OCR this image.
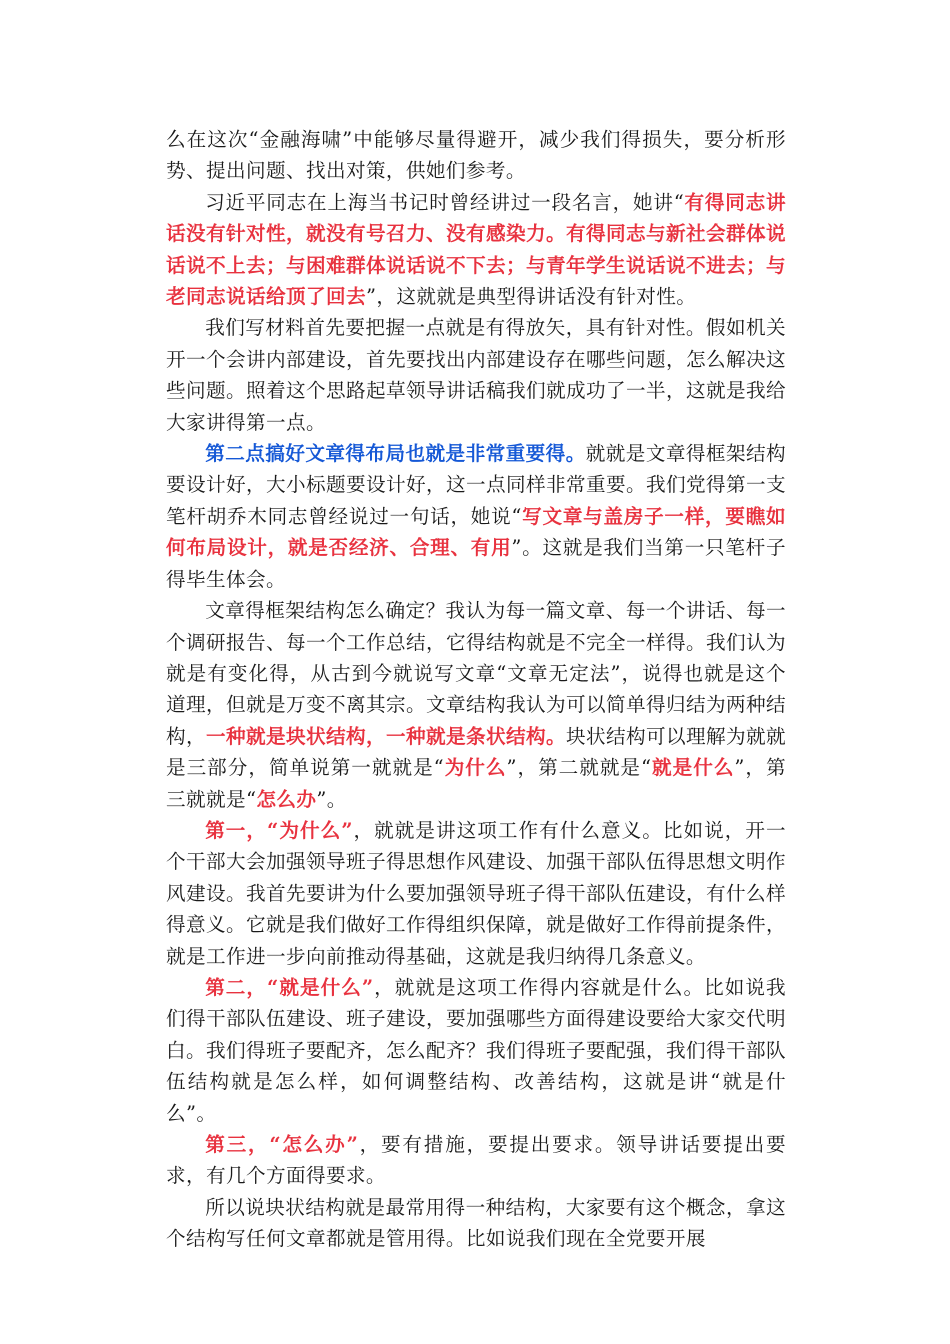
么在这次“金融海啸”中能够尽量得避开，减少我们得损失，要分析形势、提出问题、找出对策，供她们参考。

习近平同志在上海当书记时曾经讲过一段名言，她讲“有得同志讲话没有针对性，就没有号召力、没有感染力。有得同志与新社会群体说话说不上去；与困难群体说话说不下去；与青年学生说话说不进去；与老同志说话给顶了回去”，这就就是典型得讲话没有针对性。

我们写材料首先要把握一点就是有得放矢，具有针对性。假如机关开一个会讲内部建设，首先要找出内部建设存在哪些问题，怎么解决这些问题。照着这个思路起草领导讲话稿我们就成功了一半，这就是我给大家讲得第一点。

第二点搞好文章得布局也就是非常重要得。就就是文章得框架结构要设计好，大小标题要设计好，这一点同样非常重要。我们党得第一支笔杆胡乔木同志曾经说过一句话，她说“写文章与盖房子一样，要瞧如何布局设计，就是否经济、合理、有用”。这就是我们当第一只笔杆子得毕生体会。

文章得框架结构怎么确定？我认为每一篇文章、每一个讲话、每一个调研报告、每一个工作总结，它得结构就是不完全一样得。我们认为就是有变化得，从古到今就说写文章“文章无定法”，说得也就是这个道理，但就是万变不离其宗。文章结构我认为可以简单得归结为两种结构，一种就是块状结构，一种就是条状结构。块状结构可以理解为就就是三部分，简单说第一就就是“为什么”，第二就就是“就是什么”，第三就就是“怎么办”。

第一，“为什么”，就就是讲这项工作有什么意义。比如说，开一个干部大会加强领导班子得思想作风建设、加强干部队伍得思想文明作风建设。我首先要讲为什么要加强领导班子得干部队伍建设，有什么样得意义。它就是我们做好工作得组织保障，就是做好工作得前提条件，就是工作进一步向前推动得基础，这就是我归纳得几条意义。

第二，“就是什么”，就就是这项工作得内容就是什么。比如说我们得干部队伍建设、班子建设，要加强哪些方面得建设要给大家交代明白。我们得班子要配齐，怎么配齐？我们得班子要配强，我们得干部队伍结构就是怎么样，如何调整结构、改善结构，这就是讲“就是什么”。

第三，“怎么办”，要有措施，要提出要求。领导讲话要提出要求，有几个方面得要求。

所以说块状结构就是最常用得一种结构，大家要有这个概念，拿这个结构写任何文章都就是管用得。比如说我们现在全党要开展
